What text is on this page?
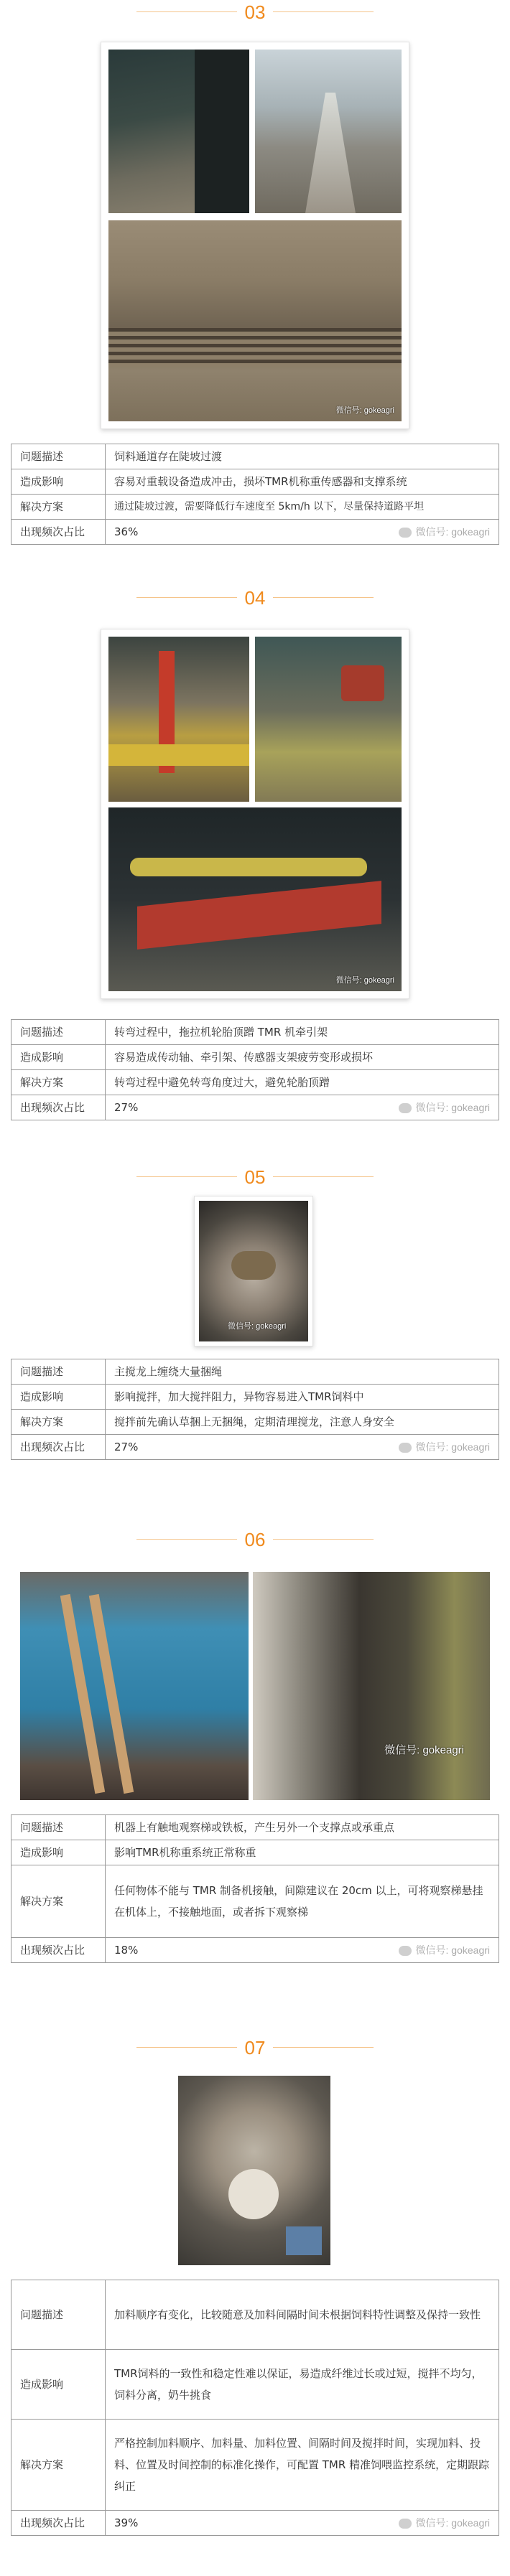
03
微信号: gokeagri
问题描述	饲料通道存在陡坡过渡
造成影响	容易对重载设备造成冲击，损坏TMR机称重传感器和支撑系统
解决方案	通过陡坡过渡，需要降低行车速度至 5km/h 以下，尽量保持道路平坦
出现频次占比	36% 微信号: gokeagri
04
微信号: gokeagri
问题描述	转弯过程中，拖拉机轮胎顶蹭 TMR 机牵引架
造成影响	容易造成传动轴、牵引架、传感器支架疲劳变形或损坏
解决方案	转弯过程中避免转弯角度过大，避免轮胎顶蹭
出现频次占比	27% 微信号: gokeagri
05
微信号: gokeagri
问题描述	主搅龙上缠绕大量捆绳
造成影响	影响搅拌，加大搅拌阻力，异物容易进入TMR饲料中
解决方案	搅拌前先确认草捆上无捆绳，定期清理搅龙，注意人身安全
出现频次占比	27% 微信号: gokeagri
06
微信号: gokeagri
问题描述	机器上有触地观察梯或铁板，产生另外一个支撑点或承重点
造成影响	影响TMR机称重系统正常称重
解决方案	任何物体不能与 TMR 制备机接触，间隙建议在 20cm 以上，可将观察梯悬挂在机体上，不接触地面，或者拆下观察梯
出现频次占比	18% 微信号: gokeagri
07
问题描述	加料顺序有变化，比较随意及加料间隔时间未根据饲料特性调整及保持一致性
造成影响	TMR饲料的一致性和稳定性难以保证，易造成纤维过长或过短，搅拌不均匀，饲料分离，奶牛挑食
解决方案	严格控制加料顺序、加料量、加料位置、间隔时间及搅拌时间，实现加料、投料、位置及时间控制的标准化操作，可配置 TMR 精准饲喂监控系统，定期跟踪纠正
出现频次占比	39% 微信号: gokeagri
